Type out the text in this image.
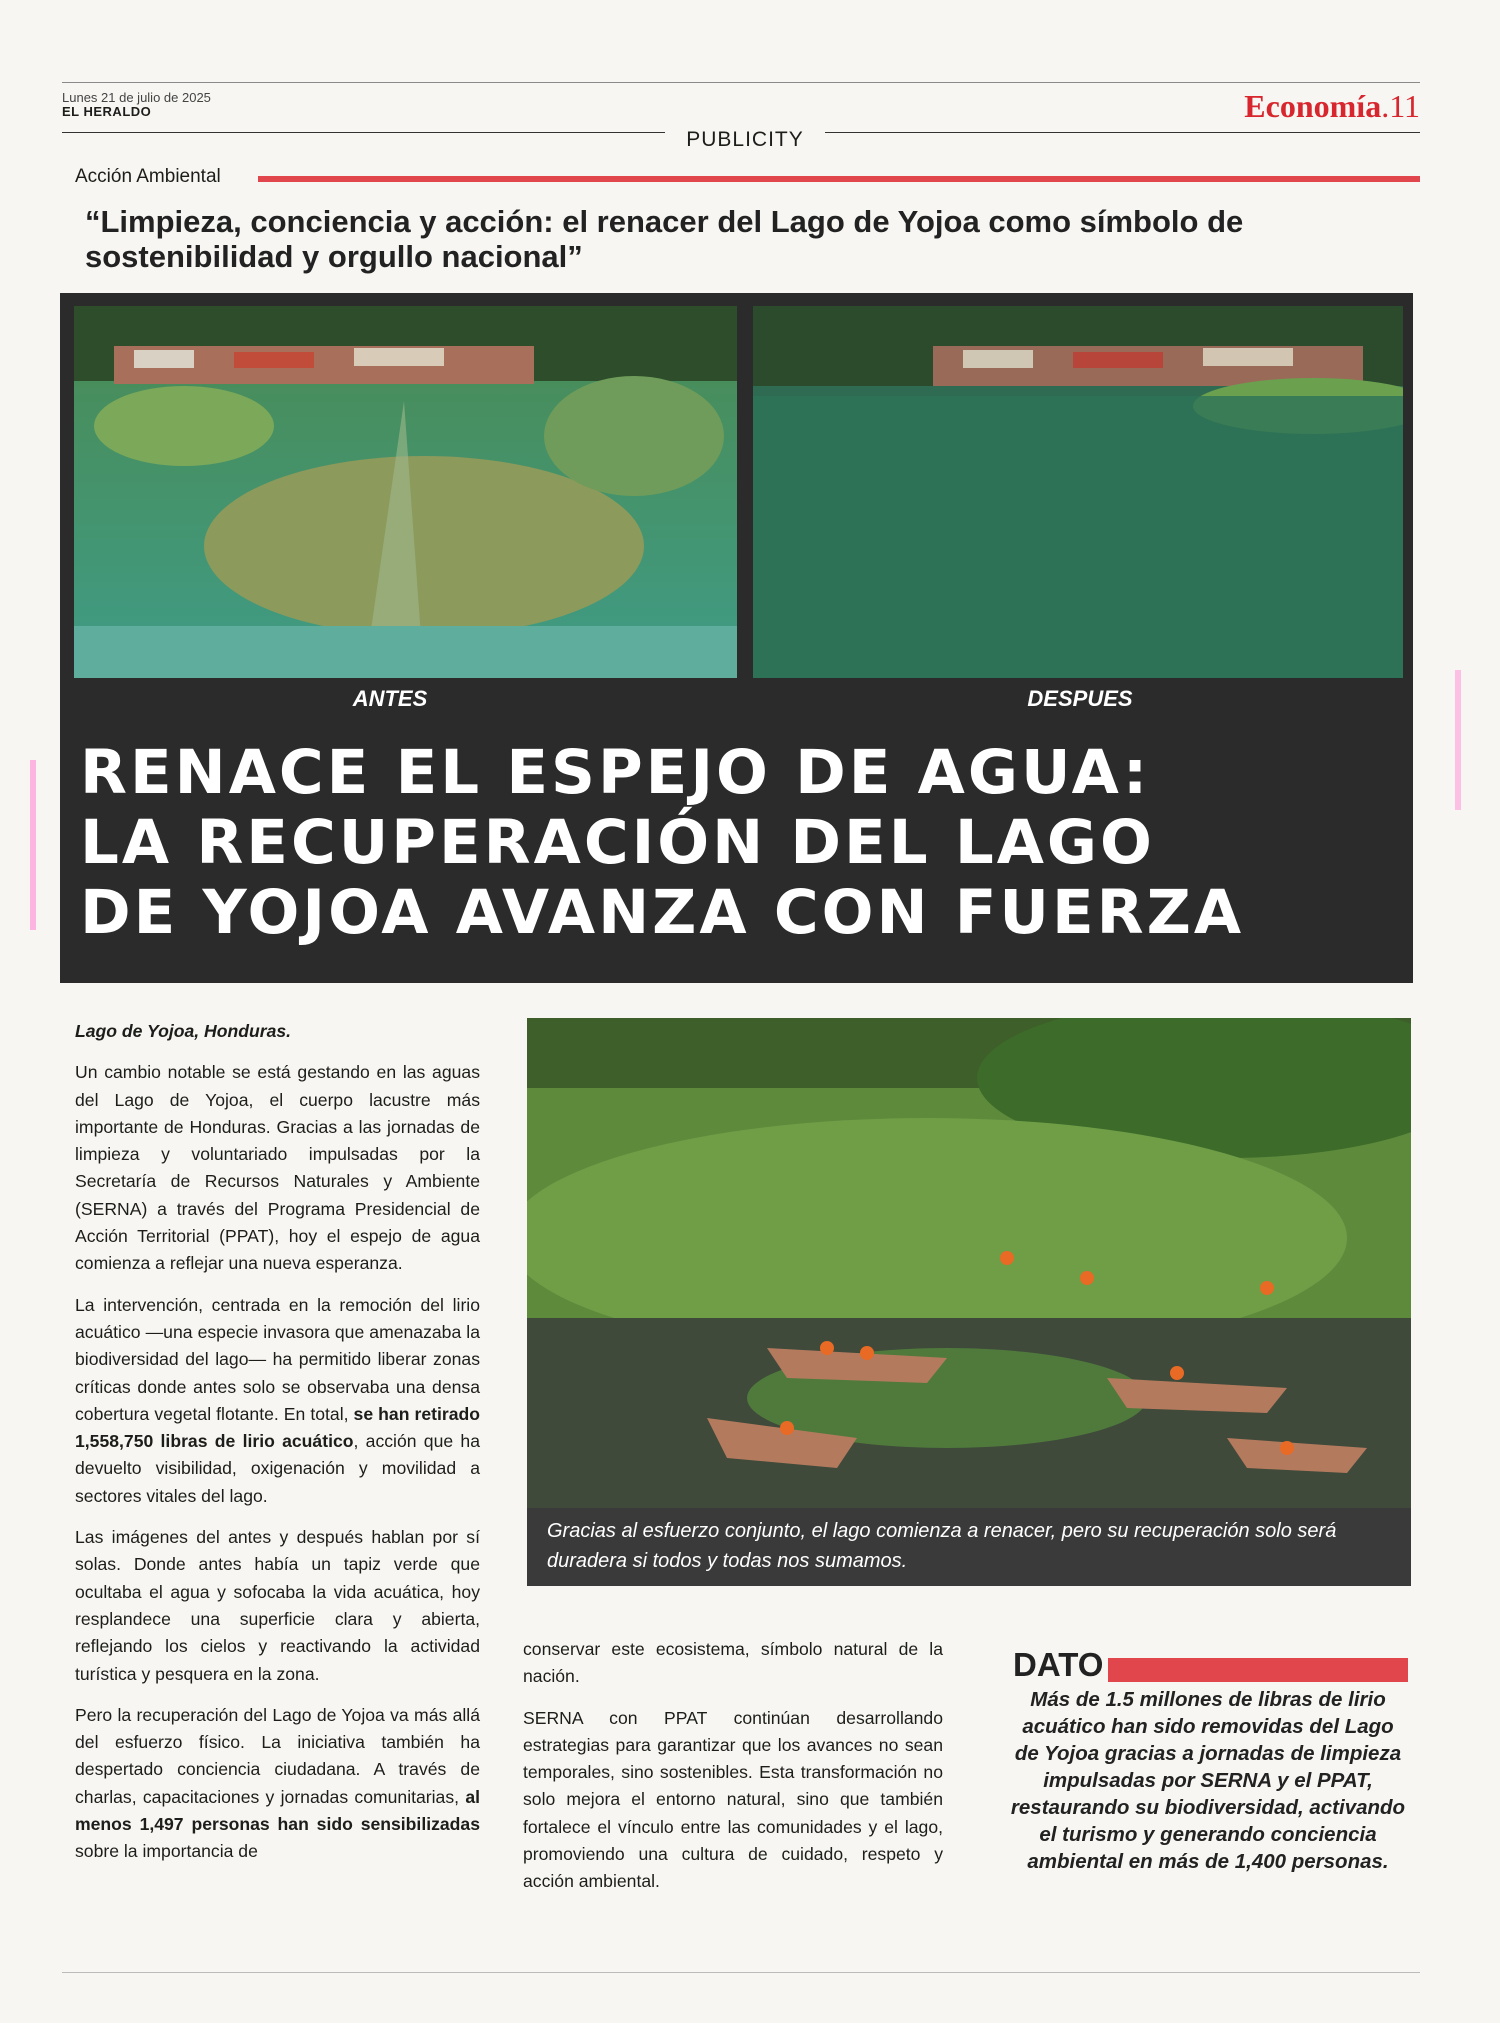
Lunes 21 de julio de 2025
EL HERALDO	Economía.11
PUBLICITY
Acción Ambiental
“Limpieza, conciencia y acción: el renacer del Lago de Yojoa como símbolo de sostenibilidad y orgullo nacional”
ANTES	DESPUES
RENACE EL ESPEJO DE AGUA:
LA RECUPERACIÓN DEL LAGO
DE YOJOA AVANZA CON FUERZA

Lago de Yojoa, Honduras.

Un cambio notable se está gestando en las aguas del Lago de Yojoa, el cuerpo lacustre más importante de Honduras. Gracias a las jornadas de limpieza y voluntariado impulsadas por la Secretaría de Recursos Naturales y Ambiente (SERNA) a través del Programa Presidencial de Acción Territorial (PPAT), hoy el espejo de agua comienza a reflejar una nueva esperanza.

La intervención, centrada en la remoción del lirio acuático —una especie invasora que amenazaba la biodiversidad del lago— ha permitido liberar zonas críticas donde antes solo se observaba una densa cobertura vegetal flotante. En total, se han retirado 1,558,750 libras de lirio acuático, acción que ha devuelto visibilidad, oxigenación y movilidad a sectores vitales del lago.

Las imágenes del antes y después hablan por sí solas. Donde antes había un tapiz verde que ocultaba el agua y sofocaba la vida acuática, hoy resplandece una superficie clara y abierta, reflejando los cielos y reactivando la actividad turística y pesquera en la zona.

Pero la recuperación del Lago de Yojoa va más allá del esfuerzo físico. La iniciativa también ha despertado conciencia ciudadana. A través de charlas, capacitaciones y jornadas comunitarias, al menos 1,497 personas han sido sensibilizadas sobre la importancia de

Gracias al esfuerzo conjunto, el lago comienza a renacer, pero su recuperación solo será duradera si todos y todas nos sumamos.

conservar este ecosistema, símbolo natural de la nación.

SERNA con PPAT continúan desarrollando estrategias para garantizar que los avances no sean temporales, sino sostenibles. Esta transformación no solo mejora el entorno natural, sino que también fortalece el vínculo entre las comunidades y el lago, promoviendo una cultura de cuidado, respeto y acción ambiental.

DATO
Más de 1.5 millones de libras de lirio acuático han sido removidas del Lago de Yojoa gracias a jornadas de limpieza impulsadas por SERNA y el PPAT, restaurando su biodiversidad, activando el turismo y generando conciencia ambiental en más de 1,400 personas.
